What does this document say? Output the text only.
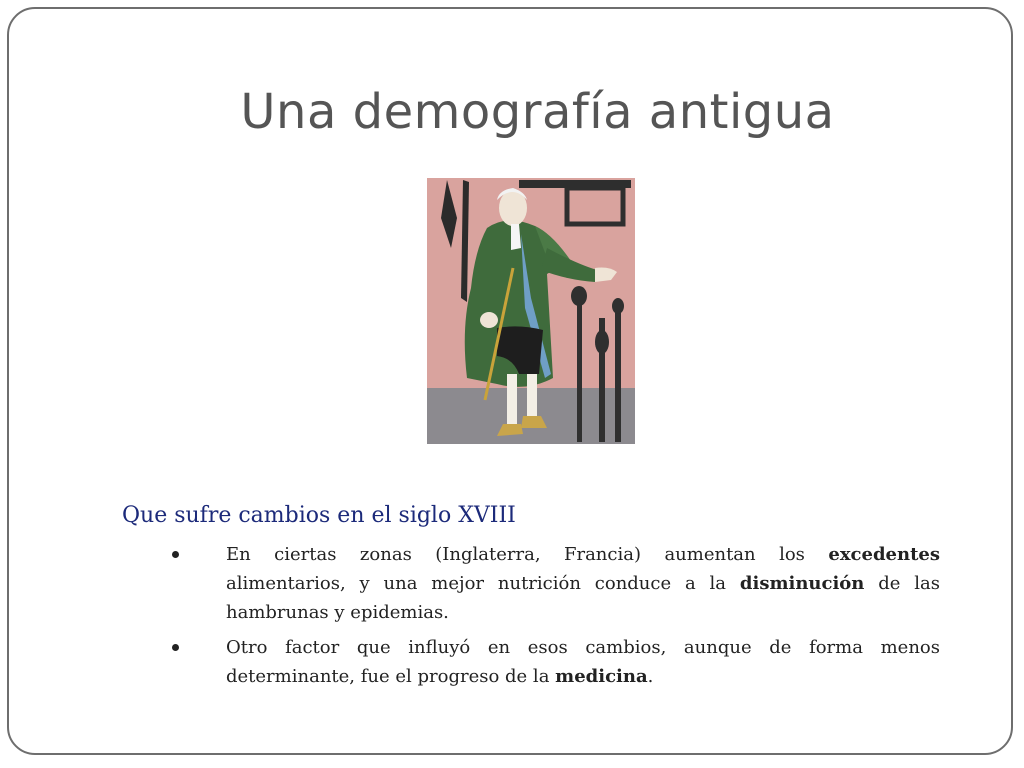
Una demografía antigua
Que sufre cambios en el siglo XVIII
En ciertas zonas (Inglaterra, Francia) aumentan los excedentes alimentarios, y una mejor nutrición conduce a la disminución de las hambrunas y epidemias.
Otro factor que influyó en esos cambios, aunque de forma menos determinante, fue el progreso de la medicina.
